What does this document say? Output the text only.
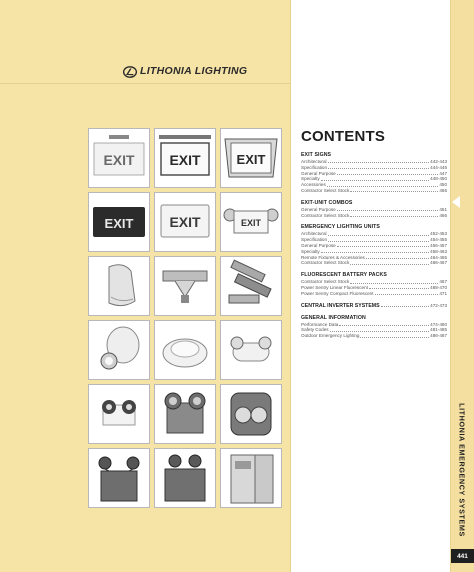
LITHONIA LIGHTING
EXIT EXIT	EXIT
EXIT	EXIT	EXIT
CONTENTS
EXIT SIGNS
Architectural	442-443
Specification	444-446
General Purpose	447
Specialty	448-450
Accessories	450
Contractor Select Stock	466
EXIT-UNIT COMBOS
General Purpose	451
Contractor Select Stock	466
EMERGENCY LIGHTING UNITS
Architectural	452-453
Specification	454-455
General Purpose	456-457
Specialty	458-463
Remote Fixtures & Accessories	464-465
Contractor Select Stock	466-467
FLUORESCENT BATTERY PACKS
Contractor Select Stock	467
Power Sentry Linear Fluorescent	468-470
Power Sentry Compact Fluorescent	471
CENTRAL INVERTER SYSTEMS	472-473
GENERAL INFORMATION
Performance Data	474-480
Safety Codes	481-485
Outdoor Emergency Lighting	486-487
LITHONIA EMERGENCY SYSTEMS
441
